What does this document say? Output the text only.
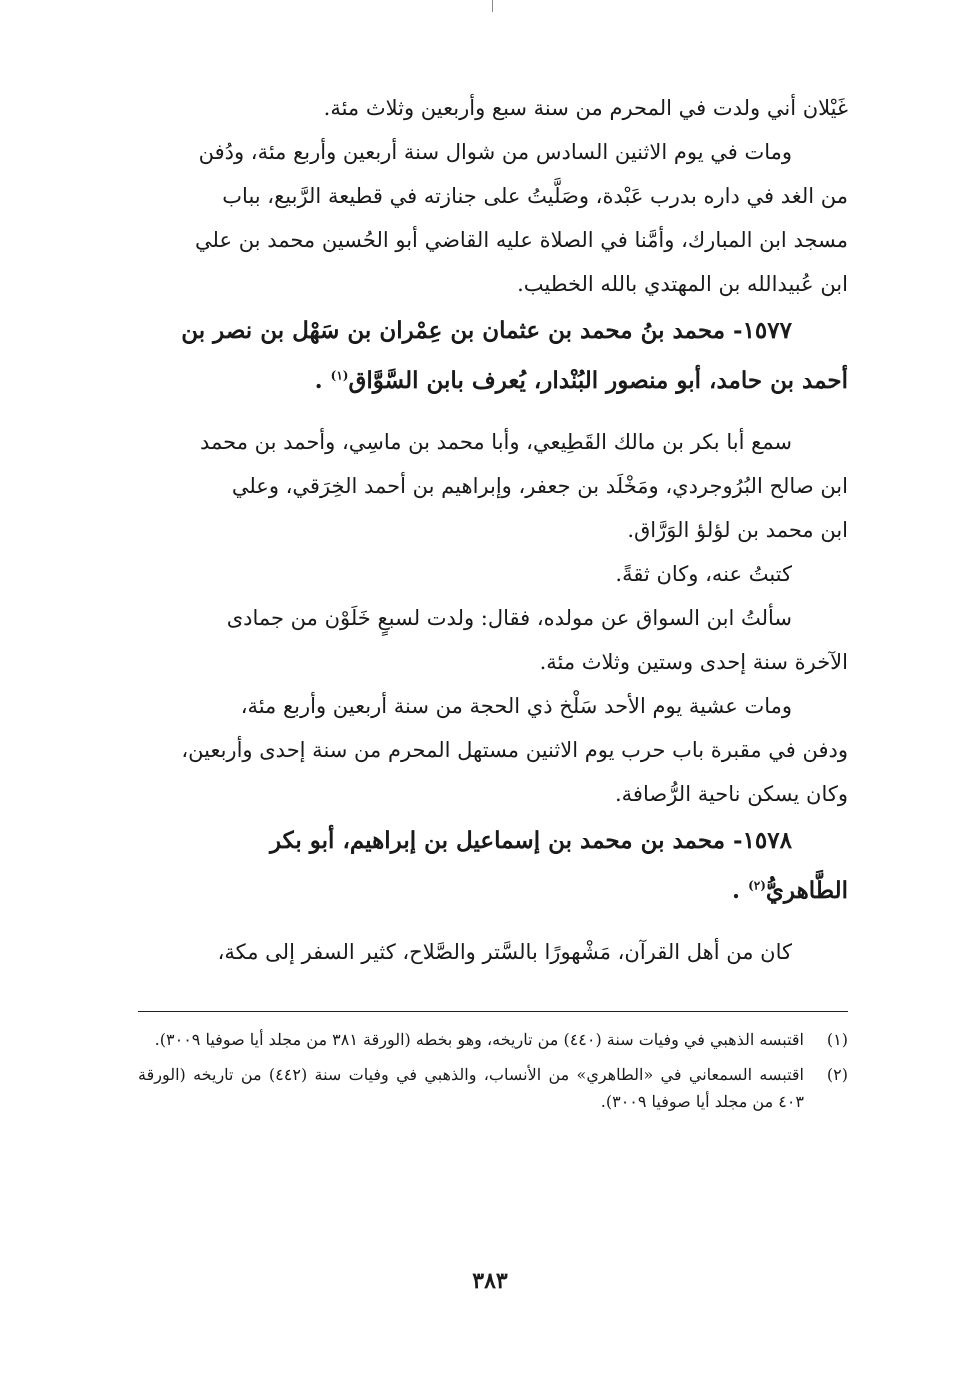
غَيْلان أني ولدت في المحرم من سنة سبع وأربعين وثلاث مئة.
ومات في يوم الاثنين السادس من شوال سنة أربعين وأربع مئة، ودُفن
من الغد في داره بدرب عَبْدة، وصَلَّيتُ على جنازته في قطيعة الرَّبيع، بباب
مسجد ابن المبارك، وأمَّنا في الصلاة عليه القاضي أبو الحُسين محمد بن علي
ابن عُبيدالله بن المهتدي بالله الخطيب.
١٥٧٧- محمد بنُ محمد بن عثمان بن عِمْران بن سَهْل بن نصر بن
أحمد بن حامد، أبو منصور البُنْدار، يُعرف بابن السَّوَّاق$^{(١)}$ .
سمع أبا بكر بن مالك القَطِيعي، وأبا محمد بن ماسِي، وأحمد بن محمد
ابن صالح البُرُوجردي، ومَخْلَد بن جعفر، وإبراهيم بن أحمد الخِرَقي، وعلي
ابن محمد بن لؤلؤ الوَرَّاق.
كتبتُ عنه، وكان ثقةً.
سألتُ ابن السواق عن مولده، فقال: ولدت لسبعٍ خَلَوْن من جمادى
الآخرة سنة إحدى وستين وثلاث مئة.
ومات عشية يوم الأحد سَلْخ ذي الحجة من سنة أربعين وأربع مئة،
ودفن في مقبرة باب حرب يوم الاثنين مستهل المحرم من سنة إحدى وأربعين،
وكان يسكن ناحية الرُّصافة.
١٥٧٨- محمد بن محمد بن إسماعيل بن إبراهيم، أبو بكر
الطَّاهريُّ$^{(٢)}$ .
كان من أهل القرآن، مَشْهورًا بالسَّتر والصَّلاح، كثير السفر إلى مكة،
(١)
اقتبسه الذهبي في وفيات سنة (٤٤٠) من تاريخه، وهو بخطه (الورقة ٣٨١ من مجلد أيا صوفيا ٣٠٠٩).
(٢)
اقتبسه السمعاني في «الطاهري» من الأنساب، والذهبي في وفيات سنة (٤٤٢) من تاريخه (الورقة ٤٠٣ من مجلد أيا صوفيا ٣٠٠٩).
٣٨٣
